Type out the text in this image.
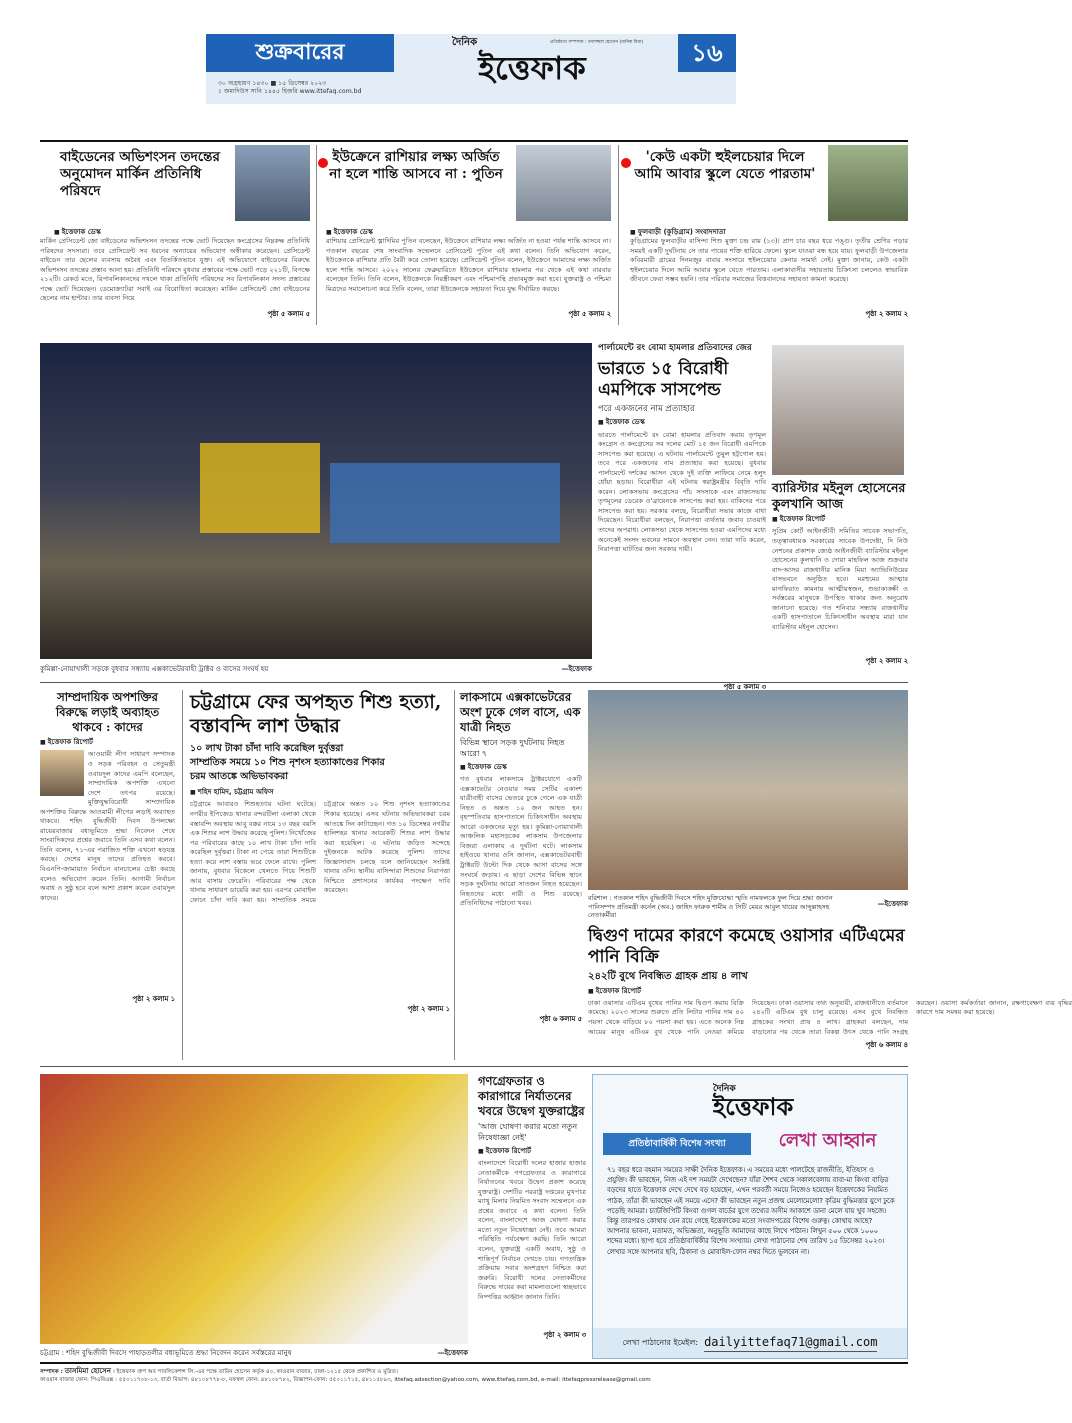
শুক্রবারের
৩০ অগ্রহায়ণ ১৪৩০ ■ ১৫ ডিসেম্বর ২০২৩
১ জমাদিউস সানি ১৪৪৫ হিজরি www.ittefaq.com.bd
দৈনিক
ইত্তেফাক
প্রতিষ্ঠাতা সম্পাদক : তফাজ্জল হোসেন (মানিক মিয়া)	১৬
বাইডেনের অভিশংসন তদন্তের অনুমোদন মার্কিন প্রতিনিধি পরিষদে
■ ইত্তেফাক ডেস্ক
মার্কিন প্রেসিডেন্ট জো বাইডেনের অভিশংসন তদন্তের পক্ষে ভোট দিয়েছেন কংগ্রেসের নিম্নকক্ষ প্রতিনিধি পরিষদের সদস্যরা। তবে প্রেসিডেন্ট সব ধরনের অন্যায়ের অভিযোগ অস্বীকার করেছেন। প্রেসিডেন্ট বাইডেন তার ছেলের ব্যবসায় অবৈধ এবং বিতর্কিতভাবে যুক্ত। এই অভিযোগে বাইডেনের বিরুদ্ধে অভিশংসন তদন্তের প্রস্তাব আনা হয়। প্রতিনিধি পরিষদে বুধবার প্রস্তাবের পক্ষে ভোট পড়ে ২২১টি, বিপক্ষে ২১২টি। রেকর্ড মতে, রিপাবলিকানদের দখলে থাকা প্রতিনিধি পরিষদের সব রিপাবলিকান সদস্য প্রস্তাবের পক্ষে ভোট দিয়েছেন। ডেমোক্র্যাটরা সবাই এর বিরোধিতা করেছেন। মার্কিন প্রেসিডেন্ট জো বাইডেনের ছেলের নাম হান্টার। তার ব্যবসা নিয়ে
পৃষ্ঠা ৫ কলাম ৫
ইউক্রেনে রাশিয়ার লক্ষ্য অর্জিত না হলে শান্তি আসবে না : পুতিন
■ ইত্তেফাক ডেস্ক
রাশিয়ার প্রেসিডেন্ট ভ্লাদিমির পুতিন বলেছেন, ইউক্রেনে রাশিয়ার লক্ষ্য অর্জিত না হওয়া পর্যন্ত শান্তি আসবে না। গতকাল বছরের শেষ সাংবাদিক সম্মেলনে প্রেসিডেন্ট পুতিন এই কথা বলেন। তিনি অভিযোগ করেন, ইউক্রেনকে রাশিয়ার প্রতি বৈরী করে তোলা হয়েছে। প্রেসিডেন্ট পুতিন বলেন, ইউক্রেনে আমাদের লক্ষ্য অর্জিত হলে শান্তি আসবে। ২০২২ সালের ফেব্রুয়ারিতে ইউক্রেনে রাশিয়ার হামলার পর থেকে এই কথা বারবার বলেছেন তিনি। তিনি বলেন, ইউক্রেনকে নিরস্ত্রীকরণ এবং পশ্চিমাপন্থি প্রভাবমুক্ত করা হবে। যুক্তরাষ্ট্র ও পশ্চিমা মিত্রদের সমালোচনা করে তিনি বলেন, তারা ইউক্রেনকে সহায়তা দিয়ে যুদ্ধ দীর্ঘায়িত করছে।
পৃষ্ঠা ৫ কলাম ২
'কেউ একটা হুইলচেয়ার দিলে আমি আবার স্কুলে যেতে পারতাম'
■ ফুলবাড়ী (কুড়িগ্রাম) সংবাদদাতা
কুড়িগ্রামের ফুলবাড়ীর বাসিন্দা শিশু মুক্তা চন্দ্র রায় (১৩)। প্রাণ চার বছর ধরে পঙ্গু। তৃতীয় শ্রেণির পড়ার সময়ই একটি দুর্ঘটনায় সে তার পায়ের শক্তি হারিয়ে ফেলে। স্কুলে যাওয়া বন্ধ হয়ে যায়। ফুলবাড়ী উপজেলার কবিরমারী গ্রামের দিনমজুর বাবার সংসারে হুইলচেয়ার কেনার সামর্থ্য নেই। মুক্তা জানায়, কেউ একটা হুইলচেয়ার দিলে আমি আবার স্কুলে যেতে পারতাম। এলাকাবাসীর সহায়তায় চিকিৎসা চললেও স্বাভাবিক জীবনে ফেরা সম্ভব হয়নি। তার পরিবার সমাজের বিত্তবানদের সহায়তা কামনা করেছে।
পৃষ্ঠা ২ কলাম ২
কুমিল্লা-নোয়াখালী সড়কে বুধবার সন্ধ্যায় এক্সকাভেটরবাহী ট্রাক্টর ও বাসের সংঘর্ষ হয়	—ইত্তেফাক
পার্লামেন্টে রং বোমা হামলার প্রতিবাদের জের
ভারতে ১৫ বিরোধী এমপিকে সাসপেন্ড
পরে একজনের নাম প্রত্যাহার
■ ইত্তেফাক ডেস্ক
ভারতে পার্লামেন্টে রং বোমা হামলার প্রতিবাদ করায় তৃণমূল কংগ্রেস ও কংগ্রেসের সব দলের মোট ১৫ জন বিরোধী এমপিকে সাসপেন্ড করা হয়েছে। এ ঘটনায় পার্লামেন্টে তুমুল হট্টগোল হয়। তবে পরে একজনের নাম প্রত্যাহার করা হয়েছে। বুধবার পার্লামেন্টে দর্শকের আসন থেকে দুই ব্যক্তি লাফিয়ে নেমে হলুদ ধোঁয়া ছড়ায়। বিরোধীরা এই ঘটনায় স্বরাষ্ট্রমন্ত্রীর বিবৃতি দাবি করেন। লোকসভায় কংগ্রেসের পাঁচ সদস্যকে এবং রাজ্যসভায় তৃণমূলের ডেরেক ও'ব্রায়েনকে সাসপেন্ড করা হয়। বাকিদের পরে সাসপেন্ড করা হয়। সরকার বলছে, বিরোধীরা সভার কাজে বাধা দিয়েছেন। বিরোধীরা বলছেন, নিরাপত্তা ব্যর্থতার জবাব চাওয়াই তাদের অপরাধ। লোকসভা থেকে সাসপেন্ড হওয়া এমপিদের মধ্যে অনেকেই সংসদ ভবনের সামনে অবস্থান নেন। তারা দাবি করেন, নিরাপত্তা ঘাটতির জন্য সরকার দায়ী।
পৃষ্ঠা ৫ কলাম ৩
ব্যারিস্টার মইনুল হোসেনের কুলখানি আজ
■ ইত্তেফাক রিপোর্ট
সুপ্রিম কোর্ট আইনজীবী সমিতির সাবেক সভাপতি, তত্ত্বাবধায়ক সরকারের সাবেক উপদেষ্টা, দি নিউ নেশনের প্রকাশক জ্যেষ্ঠ আইনজীবী ব্যারিস্টার মইনুল হোসেনের কুলখানি ও দোয়া মাহফিল আজ শুক্রবার বাদ-আসর রাজধানীর মানিক মিয়া অ্যাভিনিউয়ের বাসভবনে অনুষ্ঠিত হবে। মরহুমের আত্মার মাগফিরাত কামনায় আত্মীয়স্বজন, শুভাকাঙ্ক্ষী ও সর্বস্তরের মানুষকে উপস্থিত থাকার জন্য অনুরোধ জানানো হয়েছে। গত শনিবার সন্ধ্যায় রাজধানীর একটি হাসপাতালে চিকিৎসাধীন অবস্থায় মারা যান ব্যারিস্টার মইনুল হোসেন।
পৃষ্ঠা ২ কলাম ২
সাম্প্রদায়িক অপশক্তির বিরুদ্ধে লড়াই অব্যাহত থাকবে : কাদের
■ ইত্তেফাক রিপোর্ট
আওয়ামী লীগ সাধারণ সম্পাদক ও সড়ক পরিবহন ও সেতুমন্ত্রী ওবায়দুল কাদের এমপি বলেছেন, সাম্প্রদায়িক অপশক্তি এখনো দেশে তৎপর রয়েছে। মুক্তিযুদ্ধবিরোধী সাম্প্রদায়িক অপশক্তির বিরুদ্ধে আওয়ামী লীগের লড়াই অব্যাহত থাকবে। শহিদ বুদ্ধিজীবী দিবস উপলক্ষ্যে রায়েরবাজার বধ্যভূমিতে শ্রদ্ধা নিবেদন শেষে সাংবাদিকদের প্রশ্নের জবাবে তিনি এসব কথা বলেন। তিনি বলেন, ৭১-এর পরাজিত শক্তি এখনো ষড়যন্ত্র করছে। দেশের মানুষ তাদের প্রতিহত করবে। বিএনপি-জামায়াত নির্বাচন বানচালের চেষ্টা করছে বলেও অভিযোগ করেন তিনি। আগামী নির্বাচন অবাধ ও সুষ্ঠু হবে বলে আশা প্রকাশ করেন ওবায়দুল কাদের।
পৃষ্ঠা ২ কলাম ১
চট্টগ্রামে ফের অপহৃত শিশু হত্যা, বস্তাবন্দি লাশ উদ্ধার
১০ লাখ টাকা চাঁদা দাবি করেছিল দুর্বৃত্তরা
সাম্প্রতিক সময়ে ১০ শিশু নৃশংস হত্যাকাণ্ডের শিকার
চরম আতঙ্কে অভিভাবকরা
■ শহিদ হামিদ, চট্টগ্রাম অফিস
চট্টগ্রামে আবারও শিশুহত্যার ঘটনা ঘটেছে। নগরীর ইপিজেড থানার বন্দরটিলা এলাকা থেকে বস্তাবন্দি অবস্থায় আবু বক্কর নামে ১৩ বছর বয়সি এক শিশুর লাশ উদ্ধার করেছে পুলিশ। নিখোঁজের পর পরিবারের কাছে ১০ লাখ টাকা চাঁদা দাবি করেছিল দুর্বৃত্তরা। টাকা না পেয়ে তারা শিশুটিকে হত্যা করে লাশ বস্তায় ভরে ফেলে রাখে। পুলিশ জানায়, বুধবার বিকেলে খেলতে গিয়ে শিশুটি আর বাসায় ফেরেনি। পরিবারের পক্ষ থেকে থানায় সাধারণ ডায়েরি করা হয়। এরপর মোবাইল ফোনে চাঁদা দাবি করা হয়। সাম্প্রতিক সময়ে চট্টগ্রামে অন্তত ১০ শিশু নৃশংস হত্যাকাণ্ডের শিকার হয়েছে। এসব ঘটনায় অভিভাবকরা চরম আতঙ্কে দিন কাটাচ্ছেন। গত ১০ ডিসেম্বর নগরীর হালিশহর থানার আরেকটি শিশুর লাশ উদ্ধার করা হয়েছিল। এ ঘটনায় জড়িত সন্দেহে দুইজনকে আটক করেছে পুলিশ। তাদের জিজ্ঞাসাবাদ চলছে বলে জানিয়েছেন সংশ্লিষ্ট থানার ওসি। স্থানীয় বাসিন্দারা শিশুদের নিরাপত্তা নিশ্চিতে প্রশাসনের কার্যকর পদক্ষেপ দাবি করেছেন।
পৃষ্ঠা ২ কলাম ১
লাকসামে এক্সকাভেটরের অংশ ঢুকে গেল বাসে, এক যাত্রী নিহত
বিভিন্ন স্থানে সড়ক দুর্ঘটনায় নিহত আরো ৭
■ ইত্তেফাক ডেস্ক
গত বুধবার লাকসামে ট্রাক্টরযোগে একটি এক্সকাভেটর নেওয়ার সময় সেটির একাংশ যাত্রীবাহী বাসের ভেতরে ঢুকে গেলে এক যাত্রী নিহত ও অন্তত ১০ জন আহত হন। বৃহস্পতিবার হাসপাতালে চিকিৎসাধীন অবস্থায় আরো একজনের মৃত্যু হয়। কুমিল্লা-নোয়াখালী আঞ্চলিক মহাসড়কের লাকসাম উপজেলার বিজরা এলাকায় এ দুর্ঘটনা ঘটে। লাকসাম হাইওয়ে থানার ওসি জানান, এক্সকাভেটরবাহী ট্রাক্টরটি উল্টো দিক থেকে আসা বাসের সঙ্গে সংঘর্ষে জড়ায়। এ ছাড়া দেশের বিভিন্ন স্থানে সড়ক দুর্ঘটনায় আরো সাতজন নিহত হয়েছেন। নিহতদের মধ্যে নারী ও শিশু রয়েছে। প্রতিনিধিদের পাঠানো খবর।
পৃষ্ঠা ৬ কলাম ৫
বরিশাল : গতকাল শহিদ বুদ্ধিজীবী দিবসে শহিদ মুক্তিযোদ্ধা স্মৃতি নামফলকে ফুল দিয়ে শ্রদ্ধা জানান পানিসম্পদ প্রতিমন্ত্রী কর্নেল (অব.) জাহিদ ফারুক শামীম ও সিটি মেয়র আবুল খায়ের আব্দুল্লাহসহ নেতাকর্মীরা
—ইত্তেফাক
দ্বিগুণ দামের কারণে কমেছে ওয়াসার এটিএমের পানি বিক্রি
২৪২টি বুথে নিবন্ধিত গ্রাহক প্রায় ৪ লাখ
■ ইত্তেফাক রিপোর্ট
ঢাকা ওয়াসার এটিএম বুথের পানির দাম দ্বিগুণ করায় বিক্রি কমেছে। ২০২৩ সালের শুরুতে প্রতি লিটার পানির দাম ৪০ পয়সা থেকে বাড়িয়ে ৮০ পয়সা করা হয়। এতে অনেক নিম্ন আয়ের মানুষ এটিএম বুথ থেকে পানি নেওয়া কমিয়ে দিয়েছেন। ঢাকা ওয়াসার তথ্য অনুযায়ী, রাজধানীতে বর্তমানে ২৪২টি এটিএম বুথ চালু রয়েছে। এসব বুথে নিবন্ধিত গ্রাহকের সংখ্যা প্রায় ৪ লাখ। গ্রাহকরা বলছেন, দাম বাড়ানোর পর থেকে তারা বিকল্প উৎস থেকে পানি সংগ্রহ করছেন। ওয়াসা কর্মকর্তারা জানান, রক্ষণাবেক্ষণ ব্যয় বৃদ্ধির কারণে দাম সমন্বয় করা হয়েছে।
পৃষ্ঠা ৬ কলাম ৪
চট্টগ্রাম : শহিদ বুদ্ধিজীবী দিবসে পাহাড়তলীর বধ্যভূমিতে শ্রদ্ধা নিবেদন করেন সর্বস্তরের মানুষ	—ইত্তেফাক
গণগ্রেফতার ও কারাগারে নির্যাতনের খবরে উদ্বেগ যুক্তরাষ্ট্রের
'আজ ঘোষণা করার মতো নতুন নিষেধাজ্ঞা নেই'
■ ইত্তেফাক রিপোর্ট
বাংলাদেশে বিরোধী দলের হাজার হাজার নেতাকর্মীকে গণগ্রেফতার ও কারাগারে নির্যাতনের খবরে উদ্বেগ প্রকাশ করেছে যুক্তরাষ্ট্র। দেশটির পররাষ্ট্র দপ্তরের মুখপাত্র ম্যাথু মিলার নিয়মিত সংবাদ সম্মেলনে এক প্রশ্নের জবাবে এ কথা বলেন। তিনি বলেন, বাংলাদেশে আজ ঘোষণা করার মতো নতুন নিষেধাজ্ঞা নেই। তবে আমরা পরিস্থিতি পর্যবেক্ষণ করছি। তিনি আরো বলেন, যুক্তরাষ্ট্র একটি অবাধ, সুষ্ঠু ও শান্তিপূর্ণ নির্বাচন দেখতে চায়। গণতান্ত্রিক প্রক্রিয়ায় সবার অংশগ্রহণ নিশ্চিত করা জরুরি। বিরোধী দলের নেতাকর্মীদের বিরুদ্ধে দায়ের করা মামলাগুলো স্বচ্ছভাবে নিষ্পত্তির আহ্বান জানান তিনি।
পৃষ্ঠা ২ কলাম ৩
দৈনিক
ইত্তেফাক
প্রতিষ্ঠাবার্ষিকী বিশেষ সংখ্যা	লেখা আহ্বান
৭১ বছর ধরে বহমান সময়ের সাক্ষী দৈনিক ইত্তেফাক। এ সময়ের মধ্যে পালটেছে রাজনীতি, ইতিহাস ও প্রযুক্তি। কী ভাবছেন, নিজ এই দশ সময়টা দেখেছেন? যাঁরা শৈশব থেকে সকালবেলায় বাবা-মা কিংবা বাড়ির বড়দের হাতে ইত্তেফাক দেখে দেখে বড় হয়েছেন, এখন পরবর্তী সময়ে নিজেও হয়েছেন ইত্তেফাকের নিয়মিত পাঠক, তাঁরা কী ভাবছেন এই সময়ে এসে? কী ভাবছেন নতুন প্রজন্ম মেলোমেলো? কৃত্রিম বুদ্ধিমত্তার যুগে ঢুকে পড়েছি আমরা। চ্যাটজিপিটি কিংবা গুগল বার্ডের যুগে তথ্যের অসীম আকাশে ডানা মেলে যায় খুব সহজে। কিন্তু তারপরও কোথায় যেন রয়ে গেছে ইত্তেফাকের মতো সংবাদপত্রের বিশেষ গুরুত্ব। কোথায় আছে? আপনার ভাবনা, মতামত, অভিজ্ঞতা, অনুভূতি আমাদের কাছে লিখে পাঠান। লিখুন ৫০০ থেকে ১০০০ শব্দের মধ্যে। ছাপা হবে প্রতিষ্ঠাবার্ষিকীর বিশেষ সংখ্যায়। লেখা পাঠানোর শেষ তারিখ ১৫ ডিসেম্বর ২০২৩। লেখার সঙ্গে আপনার ছবি, ঠিকানা ও মোবাইল-ফোন নম্বর দিতে ভুলবেন না।
লেখা পাঠানোর ইমেইল: dailyittefaq71@gmail.com
সম্পাদক : তাসমিমা হোসেন । ইত্তেফাক গ্রুপ অব পাবলিকেশন্স লি.-এর পক্ষে তারিন হোসেন কর্তৃক ৪০, কাওরান বাজার, ঢাকা-১২১৫ থেকে প্রকাশিত ও মুদ্রিত।
কাওরান বাজার ফোন: পিএবিএক্স : ৫৫০১১৭০৮-১৩, বার্তা বিভাগ: ৪৮১০৮৭৭৮-৮, মফস্বল ফোন: ৪৮১০৮৭৮২, বিজ্ঞাপন-ফোন: ৫৫০১১৭১৫, ৪৮১১৫৮৯৩, ittefaq.adsection@yahoo.com, www.ittefaq.com.bd, e-mail: ittefaqpressrelease@gmail.com
